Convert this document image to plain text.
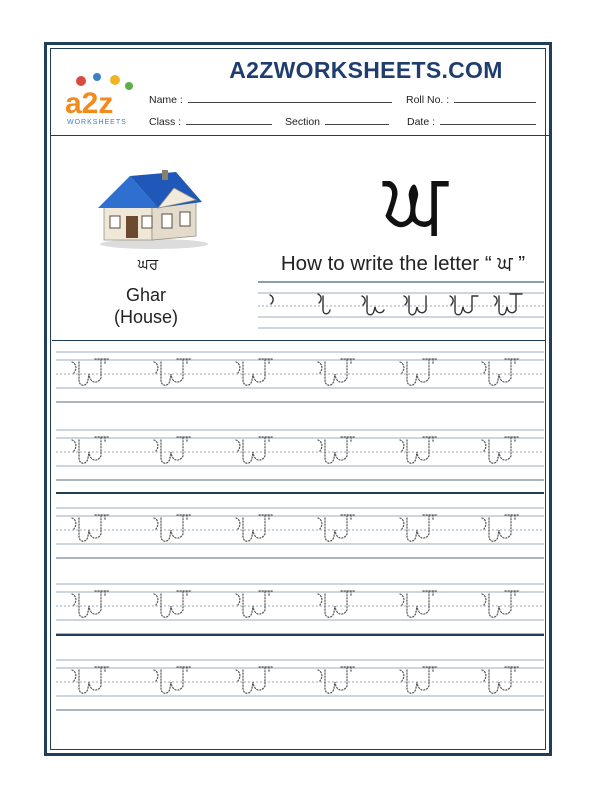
a2z
WORKSHEETS
A2ZWORKSHEETS.COM
Name :	Roll No. :
Class :	Section	Date :
ਘਰ
Ghar
(House)
ਘ
How to write the letter “ ਘ ”
